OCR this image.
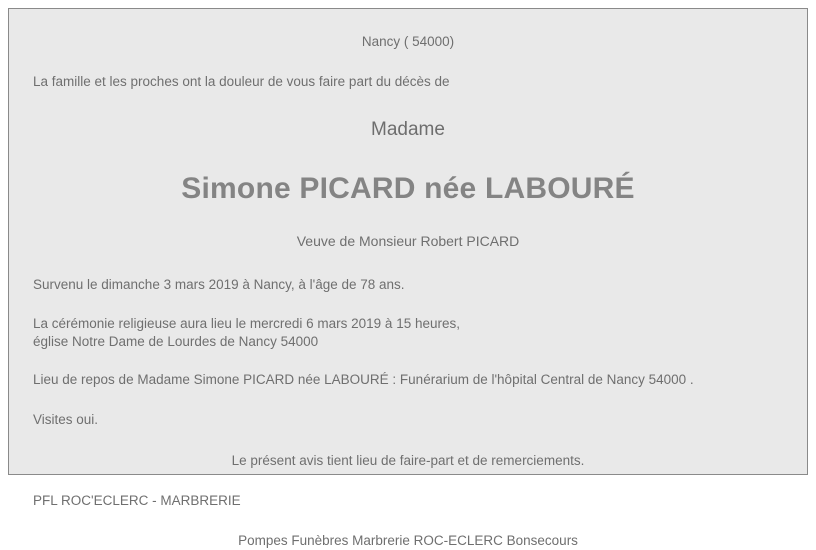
Nancy ( 54000)

La famille et les proches ont la douleur de vous faire part du décès de

Madame

Simone PICARD née LABOURÉ

Veuve de Monsieur Robert PICARD

Survenu le dimanche 3 mars 2019 à Nancy, à l'âge de 78 ans.

La cérémonie religieuse aura lieu le mercredi 6 mars 2019 à 15 heures,
église Notre Dame de Lourdes de Nancy 54000

Lieu de repos de Madame Simone PICARD née LABOURÉ : Funérarium de l'hôpital Central de Nancy 54000 .

Visites oui.

Le présent avis tient lieu de faire-part et de remerciements.

PFL ROC'ECLERC - MARBRERIE

Pompes Funèbres Marbrerie ROC-ECLERC Bonsecours
